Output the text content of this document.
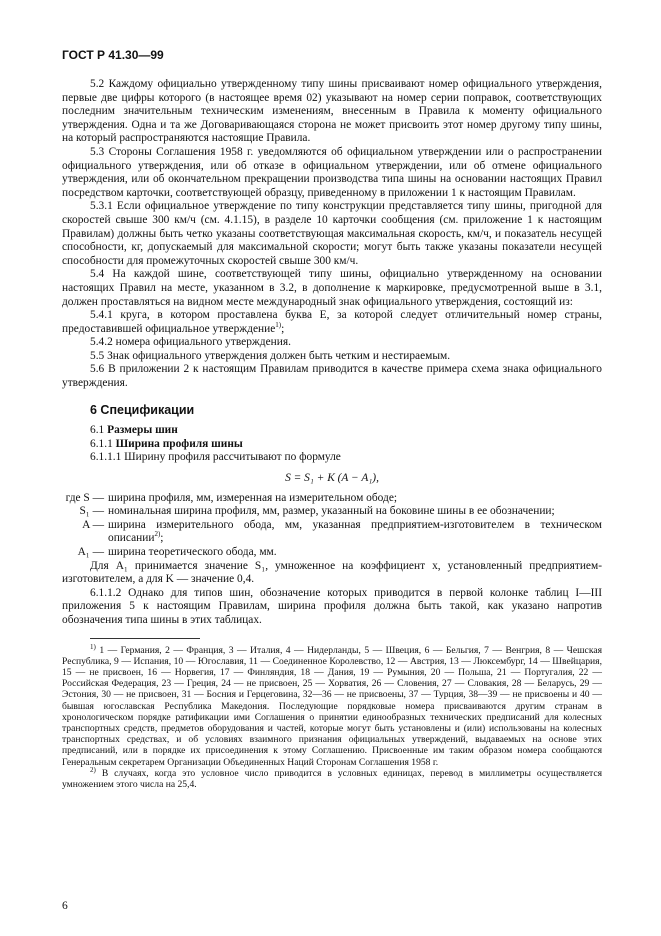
ГОСТ Р 41.30—99

5.2 Каждому официально утвержденному типу шины присваивают номер официального утверждения, первые две цифры которого (в настоящее время 02) указывают на номер серии поправок, соответствующих последним значительным техническим изменениям, внесенным в Правила к моменту официального утверждения. Одна и та же Договаривающаяся сторона не может присвоить этот номер другому типу шины, на который распространяются настоящие Правила.

5.3 Стороны Соглашения 1958 г. уведомляются об официальном утверждении или о распространении официального утверждения, или об отказе в официальном утверждении, или об отмене официального утверждения, или об окончательном прекращении производства типа шины на основании настоящих Правил посредством карточки, соответствующей образцу, приведенному в приложении 1 к настоящим Правилам.

5.3.1 Если официальное утверждение по типу конструкции представляется типу шины, пригодной для скоростей свыше 300 км/ч (см. 4.1.15), в разделе 10 карточки сообщения (см. приложение 1 к настоящим Правилам) должны быть четко указаны соответствующая максимальная скорость, км/ч, и показатель несущей способности, кг, допускаемый для максимальной скорости; могут быть также указаны показатели несущей способности для промежуточных скоростей свыше 300 км/ч.

5.4 На каждой шине, соответствующей типу шины, официально утвержденному на основании настоящих Правил на месте, указанном в 3.2, в дополнение к маркировке, предусмотренной выше в 3.1, должен проставляться на видном месте международный знак официального утверждения, состоящий из:

5.4.1 круга, в котором проставлена буква Е, за которой следует отличительный номер страны, предоставившей официальное утверждение$^{1)}$;

5.4.2 номера официального утверждения.

5.5 Знак официального утверждения должен быть четким и нестираемым.

5.6 В приложении 2 к настоящим Правилам приводится в качестве примера схема знака официального утверждения.

6 Спецификации

6.1 Размеры шин

6.1.1 Ширина профиля шины

6.1.1.1 Ширину профиля рассчитывают по формуле

S = S₁ + K (A − A₁),
где S — ширина профиля, мм, измеренная на измерительном ободе;
S₁ — номинальная ширина профиля, мм, размер, указанный на боковине шины в ее обозначении;
A — ширина измерительного обода, мм, указанная предприятием-изготовителем в техническом описании$^{2)}$;
A₁ — ширина теоретического обода, мм.

Для A₁ принимается значение S₁, умноженное на коэффициент x, установленный предприятием-изготовителем, а для K — значение 0,4.

6.1.1.2 Однако для типов шин, обозначение которых приводится в первой колонке таблиц I—III приложения 5 к настоящим Правилам, ширина профиля должна быть такой, как указано напротив обозначения типа шины в этих таблицах.

$^{1)}$ 1 — Германия, 2 — Франция, 3 — Италия, 4 — Нидерланды, 5 — Швеция, 6 — Бельгия, 7 — Венгрия, 8 — Чешская Республика, 9 — Испания, 10 — Югославия, 11 — Соединенное Королевство, 12 — Австрия, 13 — Люксембург, 14 — Швейцария, 15 — не присвоен, 16 — Норвегия, 17 — Финляндия, 18 — Дания, 19 — Румыния, 20 — Польша, 21 — Португалия, 22 — Российская Федерация, 23 — Греция, 24 — не присвоен, 25 — Хорватия, 26 — Словения, 27 — Словакия, 28 — Беларусь, 29 — Эстония, 30 — не присвоен, 31 — Босния и Герцеговина, 32—36 — не присвоены, 37 — Турция, 38—39 — не присвоены и 40 — бывшая югославская Республика Македония. Последующие порядковые номера присваиваются другим странам в хронологическом порядке ратификации ими Соглашения о принятии единообразных технических предписаний для колесных транспортных средств, предметов оборудования и частей, которые могут быть установлены и (или) использованы на колесных транспортных средствах, и об условиях взаимного признания официальных утверждений, выдаваемых на основе этих предписаний, или в порядке их присоединения к этому Соглашению. Присвоенные им таким образом номера сообщаются Генеральным секретарем Организации Объединенных Наций Сторонам Соглашения 1958 г.

$^{2)}$ В случаях, когда это условное число приводится в условных единицах, перевод в миллиметры осуществляется умножением этого числа на 25,4.

6
